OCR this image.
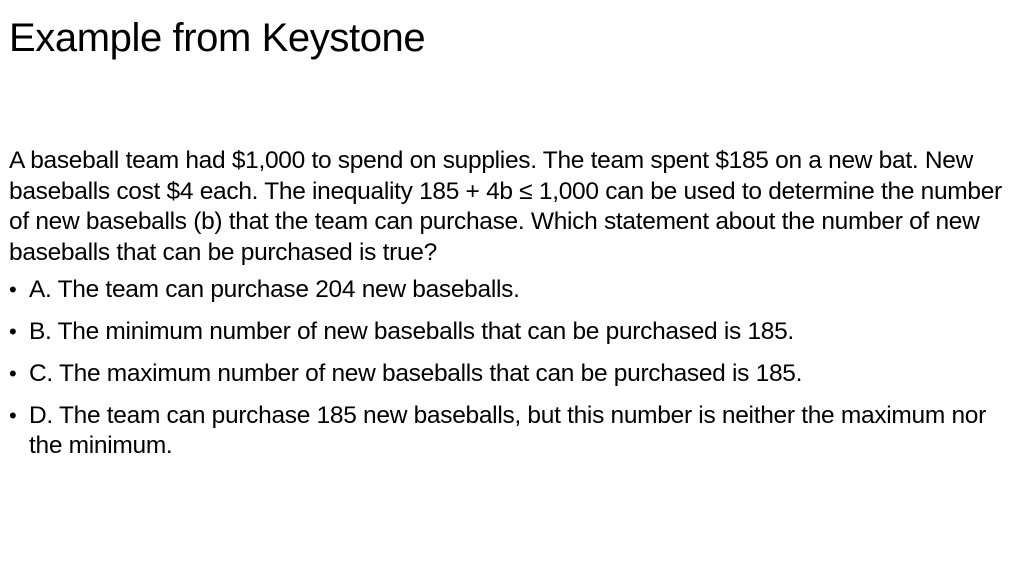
Example from Keystone

A baseball team had $1,000 to spend on supplies. The team spent $185 on a new bat. New baseballs cost $4 each. The inequality 185 + 4b ≤ 1,000 can be used to determine the number of new baseballs (b) that the team can purchase. Which statement about the number of new baseballs that can be purchased is true?

• A. The team can purchase 204 new baseballs.
• B. The minimum number of new baseballs that can be purchased is 185.
• C. The maximum number of new baseballs that can be purchased is 185.
• D. The team can purchase 185 new baseballs, but this number is neither the maximum nor the minimum.
